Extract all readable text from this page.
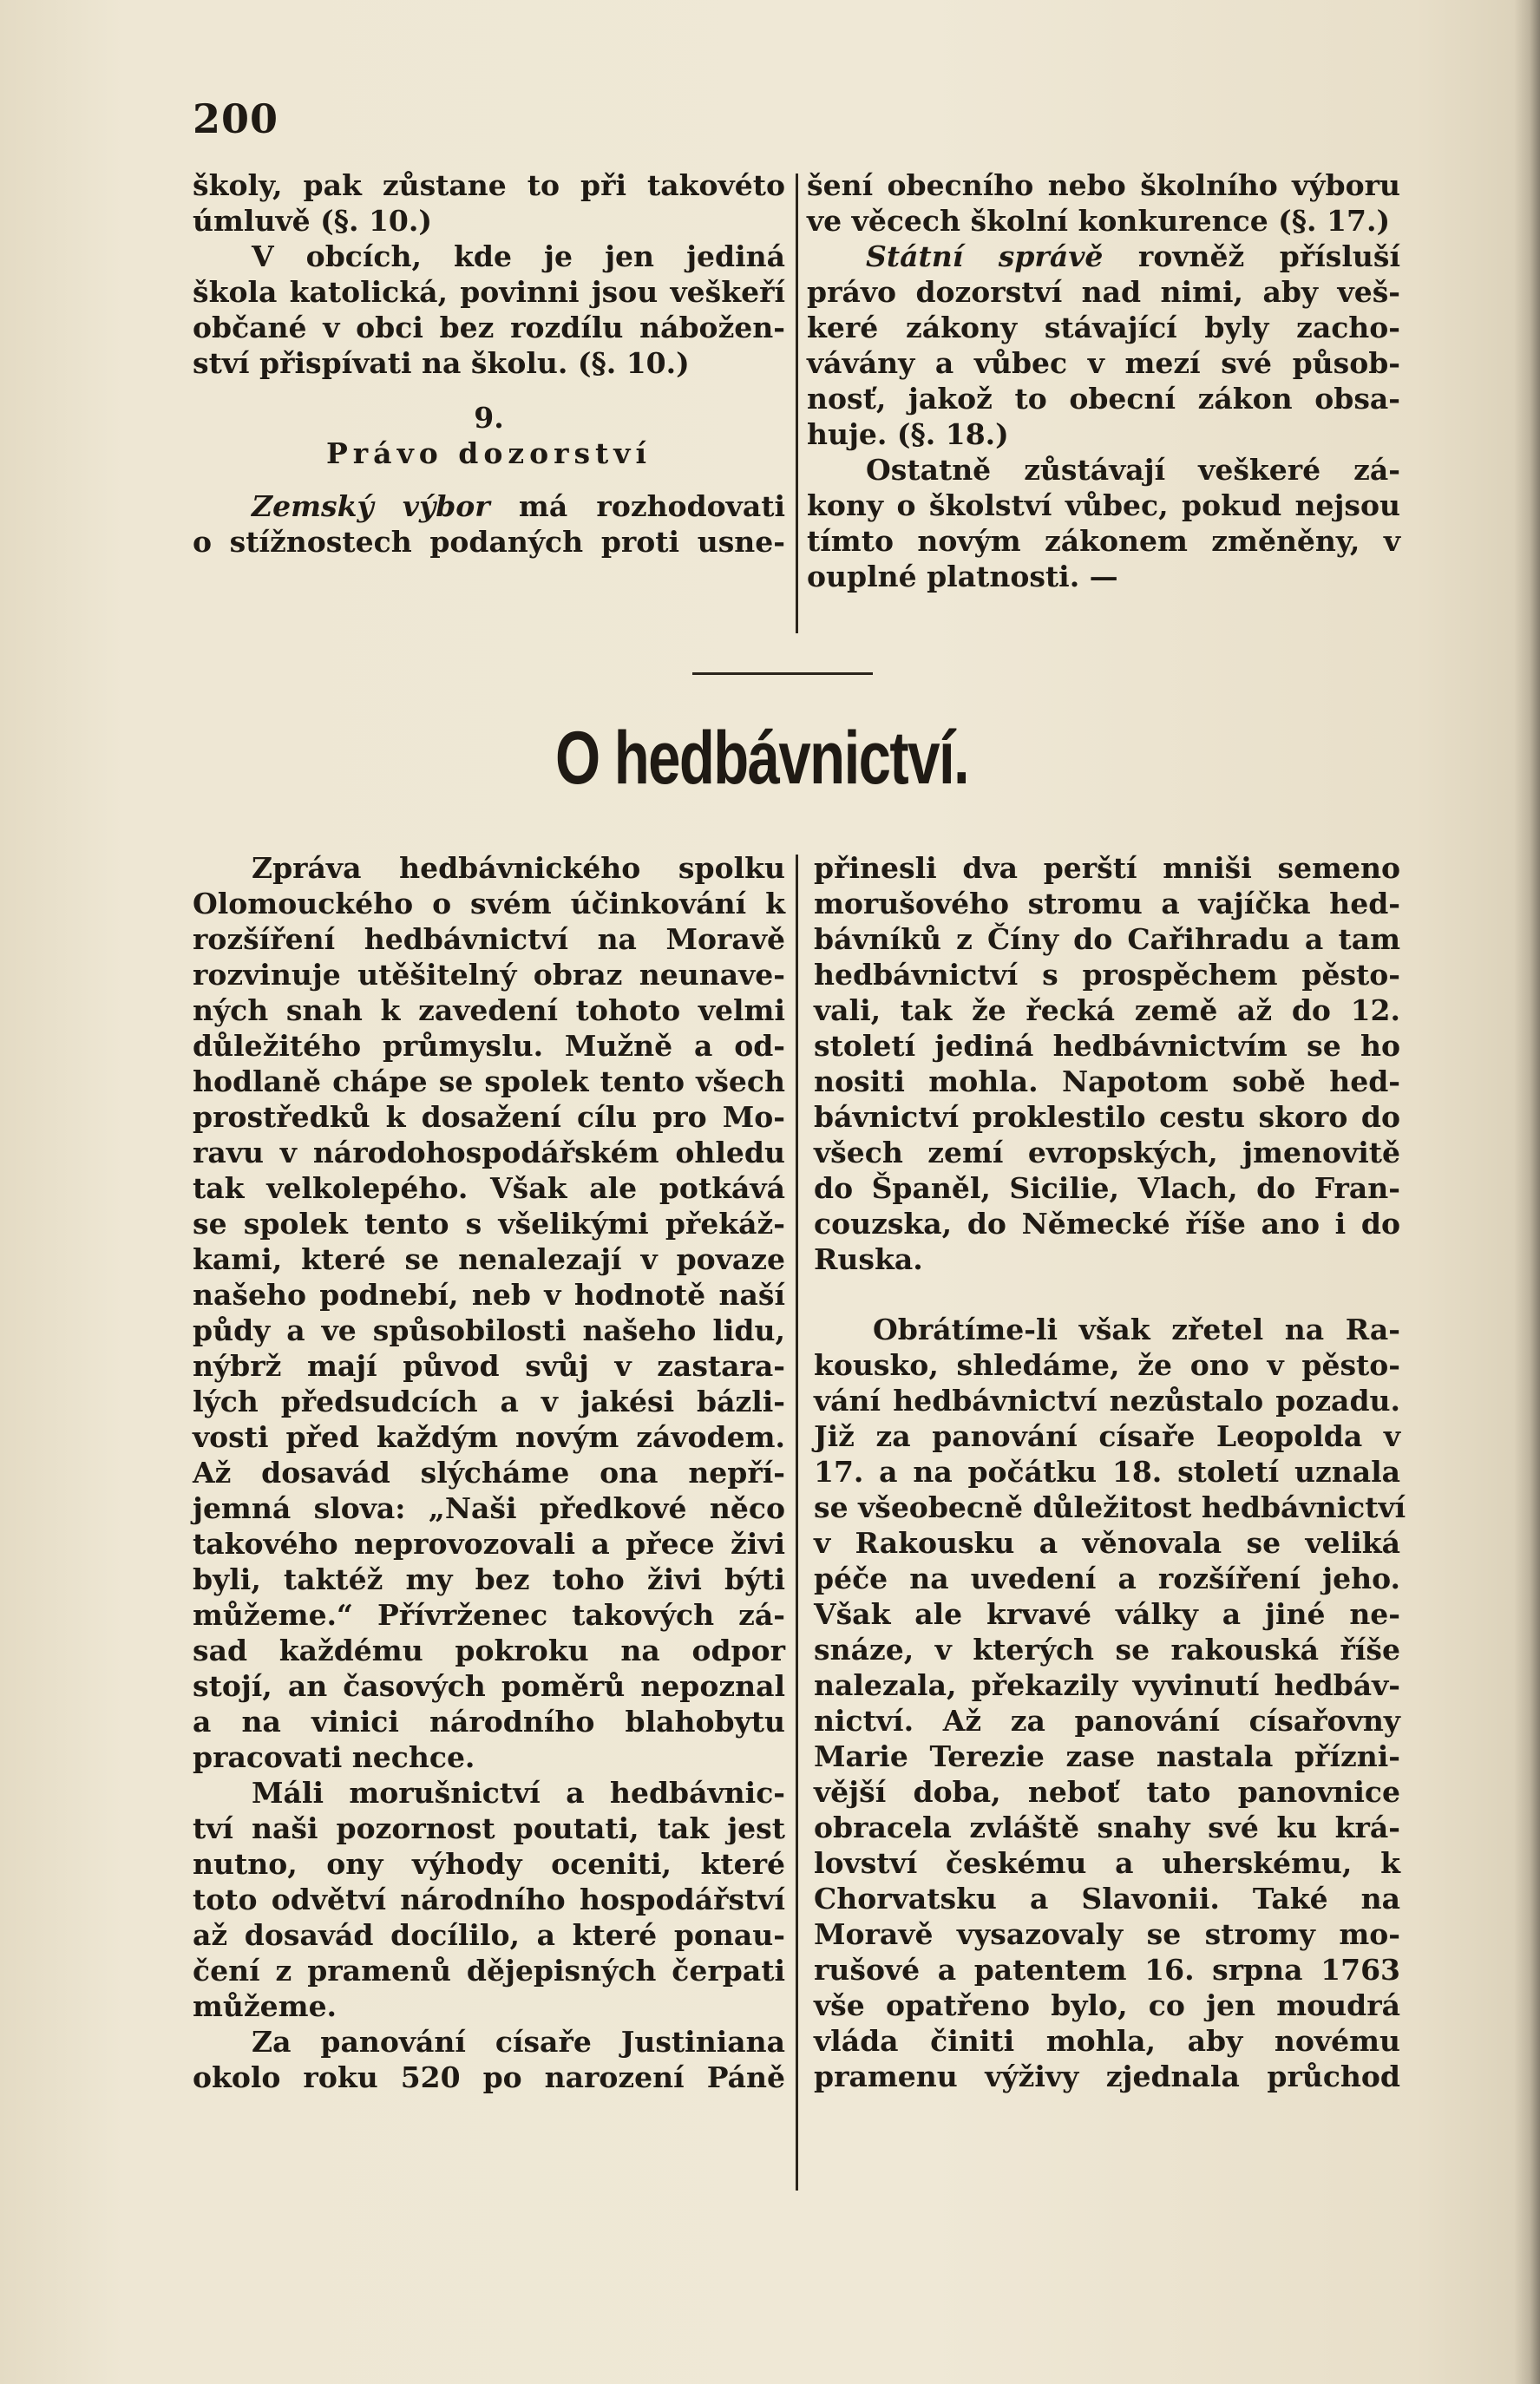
200
školy, pak zůstane to při takovéto
úmluvě (§. 10.)
V obcích, kde je jen jediná
škola katolická, povinni jsou veškeří
občané v obci bez rozdílu nábožen-
ství přispívati na školu. (§. 10.)
9.
Právo dozorství
Zemský výbor má rozhodovati
o stížnostech podaných proti usne-
šení obecního nebo školního výboru
ve věcech školní konkurence (§. 17.)
Státní správě rovněž přísluší
právo dozorství nad nimi, aby veš-
keré zákony stávající byly zacho-
vávány a vůbec v mezí své působ-
nosť, jakož to obecní zákon obsa-
huje. (§. 18.)
Ostatně zůstávají veškeré zá-
kony o školství vůbec, pokud nejsou
tímto novým zákonem změněny, v
ouplné platnosti. —
O hedbávnictví.
Zpráva hedbávnického spolku
Olomouckého o svém účinkování k
rozšíření hedbávnictví na Moravě
rozvinuje utěšitelný obraz neunave-
ných snah k zavedení tohoto velmi
důležitého průmyslu. Mužně a od-
hodlaně chápe se spolek tento všech
prostředků k dosažení cílu pro Mo-
ravu v národohospodářském ohledu
tak velkolepého. Však ale potkává
se spolek tento s všelikými překáž-
kami, které se nenalezají v povaze
našeho podnebí, neb v hodnotě naší
půdy a ve spůsobilosti našeho lidu,
nýbrž mají původ svůj v zastara-
lých předsudcích a v jakési bázli-
vosti před každým novým závodem.
Až dosavád slýcháme ona nepří-
jemná slova: „Naši předkové něco
takového neprovozovali a přece živi
byli, taktéž my bez toho živi býti
můžeme.“ Přívrženec takových zá-
sad každému pokroku na odpor
stojí, an časových poměrů nepoznal
a na vinici národního blahobytu
pracovati nechce.
Máli morušnictví a hedbávnic-
tví naši pozornost poutati, tak jest
nutno, ony výhody oceniti, které
toto odvětví národního hospodářství
až dosavád docílilo, a které ponau-
čení z pramenů dějepisných čerpati
můžeme.
Za panování císaře Justiniana
okolo roku 520 po narození Páně
přinesli dva perští mniši semeno
morušového stromu a vajíčka hed-
bávníků z Číny do Cařihradu a tam
hedbávnictví s prospěchem pěsto-
vali, tak že řecká země až do 12.
století jediná hedbávnictvím se ho
nositi mohla. Napotom sobě hed-
bávnictví proklestilo cestu skoro do
všech zemí evropských, jmenovitě
do Španěl, Sicilie, Vlach, do Fran-
couzska, do Německé říše ano i do
Ruska.
Obrátíme-li však zřetel na Ra-
kousko, shledáme, že ono v pěsto-
vání hedbávnictví nezůstalo pozadu.
Již za panování císaře Leopolda v
17. a na počátku 18. století uznala
se všeobecně důležitost hedbávnictví
v Rakousku a věnovala se veliká
péče na uvedení a rozšíření jeho.
Však ale krvavé války a jiné ne-
snáze, v kterých se rakouská říše
nalezala, překazily vyvinutí hedbáv-
nictví. Až za panování císařovny
Marie Terezie zase nastala přízni-
vější doba, neboť tato panovnice
obracela zvláště snahy své ku krá-
lovství českému a uherskému, k
Chorvatsku a Slavonii. Také na
Moravě vysazovaly se stromy mo-
rušové a patentem 16. srpna 1763
vše opatřeno bylo, co jen moudrá
vláda činiti mohla, aby novému
pramenu výživy zjednala průchod
